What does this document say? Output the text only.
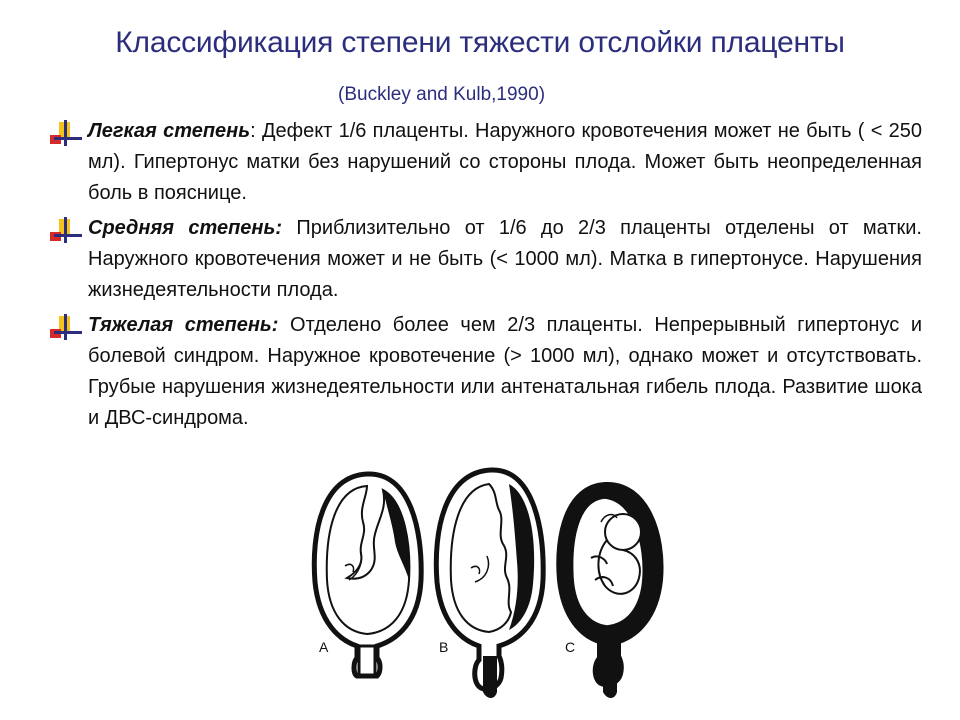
Классификация степени тяжести отслойки плаценты
(Buckley and Kulb,1990)
Легкая степень: Дефект 1/6 плаценты. Наружного кровотечения может не быть ( < 250 мл). Гипертонус матки без нарушений со стороны плода. Может быть неопределенная боль в пояснице.
Средняя степень: Приблизительно от 1/6 до 2/3 плаценты отделены от матки. Наружного кровотечения может и не быть (< 1000 мл). Матка в гипертонусе. Нарушения жизнедеятельности плода.
Тяжелая степень: Отделено более чем 2/3 плаценты. Непрерывный гипертонус и болевой синдром. Наружное кровотечение (> 1000 мл), однако может и отсутствовать. Грубые нарушения жизнедеятельности или антенатальная гибель плода. Развитие шока и ДВС-синдрома.
A	B	C
